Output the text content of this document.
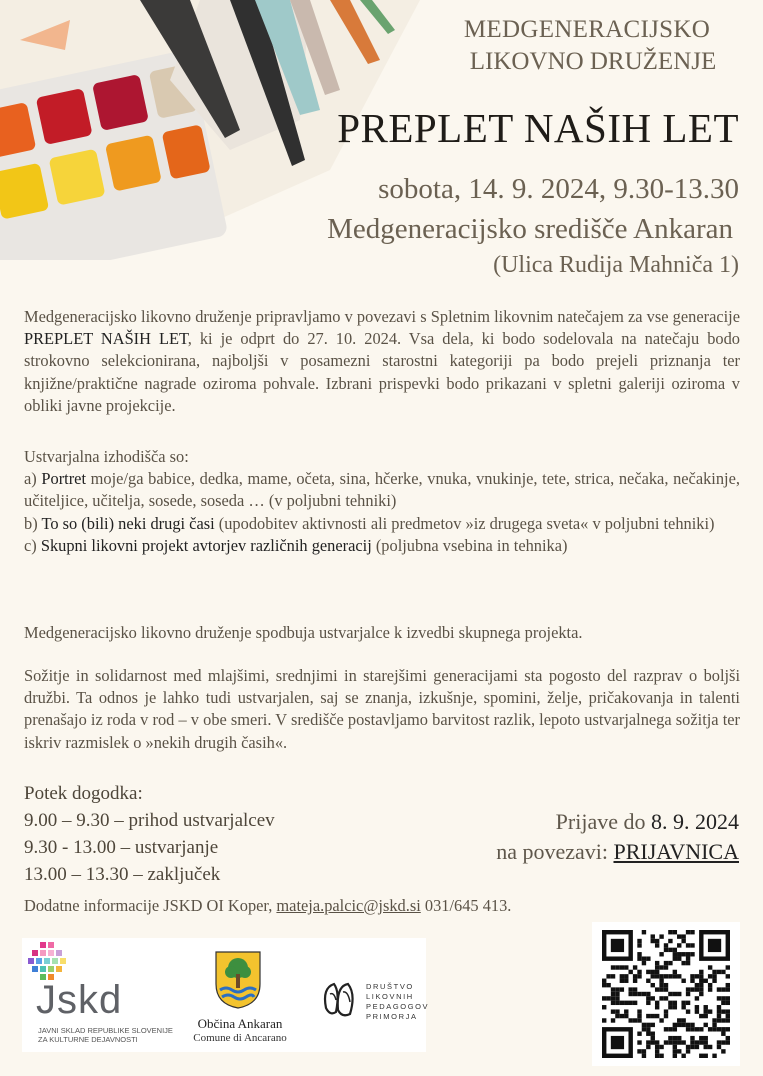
MEDGENERACIJSKO
LIKOVNO DRUŽENJE
PREPLET NAŠIH LET
sobota, 14. 9. 2024, 9.30-13.30
Medgeneracijsko središče Ankaran
(Ulica Rudija Mahniča 1)
Medgeneracijsko likovno druženje pripravljamo v povezavi s Spletnim likovnim natečajem za vse generacije PREPLET NAŠIH LET, ki je odprt do 27. 10. 2024. Vsa dela, ki bodo sodelovala na natečaju bodo strokovno selekcionirana, najboljši v posamezni starostni kategoriji pa bodo prejeli priznanja ter knjižne/praktične nagrade oziroma pohvale. Izbrani prispevki bodo prikazani v spletni galeriji oziroma v obliki javne projekcije.
Ustvarjalna izhodišča so:
a) Portret moje/ga babice, dedka, mame, očeta, sina, hčerke, vnuka, vnukinje, tete, strica, nečaka, nečakinje, učiteljice, učitelja, sosede, soseda … (v poljubni tehniki)
b) To so (bili) neki drugi časi (upodobitev aktivnosti ali predmetov »iz drugega sveta« v poljubni tehniki)
c) Skupni likovni projekt avtorjev različnih generacij (poljubna vsebina in tehnika)
Medgeneracijsko likovno druženje spodbuja ustvarjalce k izvedbi skupnega projekta.
Sožitje in solidarnost med mlajšimi, srednjimi in starejšimi generacijami sta pogosto del razprav o boljši družbi. Ta odnos je lahko tudi ustvarjalen, saj se znanja, izkušnje, spomini, želje, pričakovanja in talenti prenašajo iz roda v rod – v obe smeri. V središče postavljamo barvitost razlik, lepoto ustvarjalnega sožitja ter iskriv razmislek o »nekih drugih časih«.
Potek dogodka:
9.00 – 9.30 – prihod ustvarjalcev
9.30 - 13.00 – ustvarjanje
13.00 – 13.30 – zaključek
Prijave do 8. 9. 2024
na povezavi: PRIJAVNICA
Dodatne informacije JSKD OI Koper, mateja.palcic@jskd.si 031/645 413.
Jskd
JAVNI SKLAD REPUBLIKE SLOVENIJE
ZA KULTURNE DEJAVNOSTI
Občina Ankaran
Comune di Ancarano
DRUŠTVO
LIKOVNIH
PEDAGOGOV
PRIMORJA
